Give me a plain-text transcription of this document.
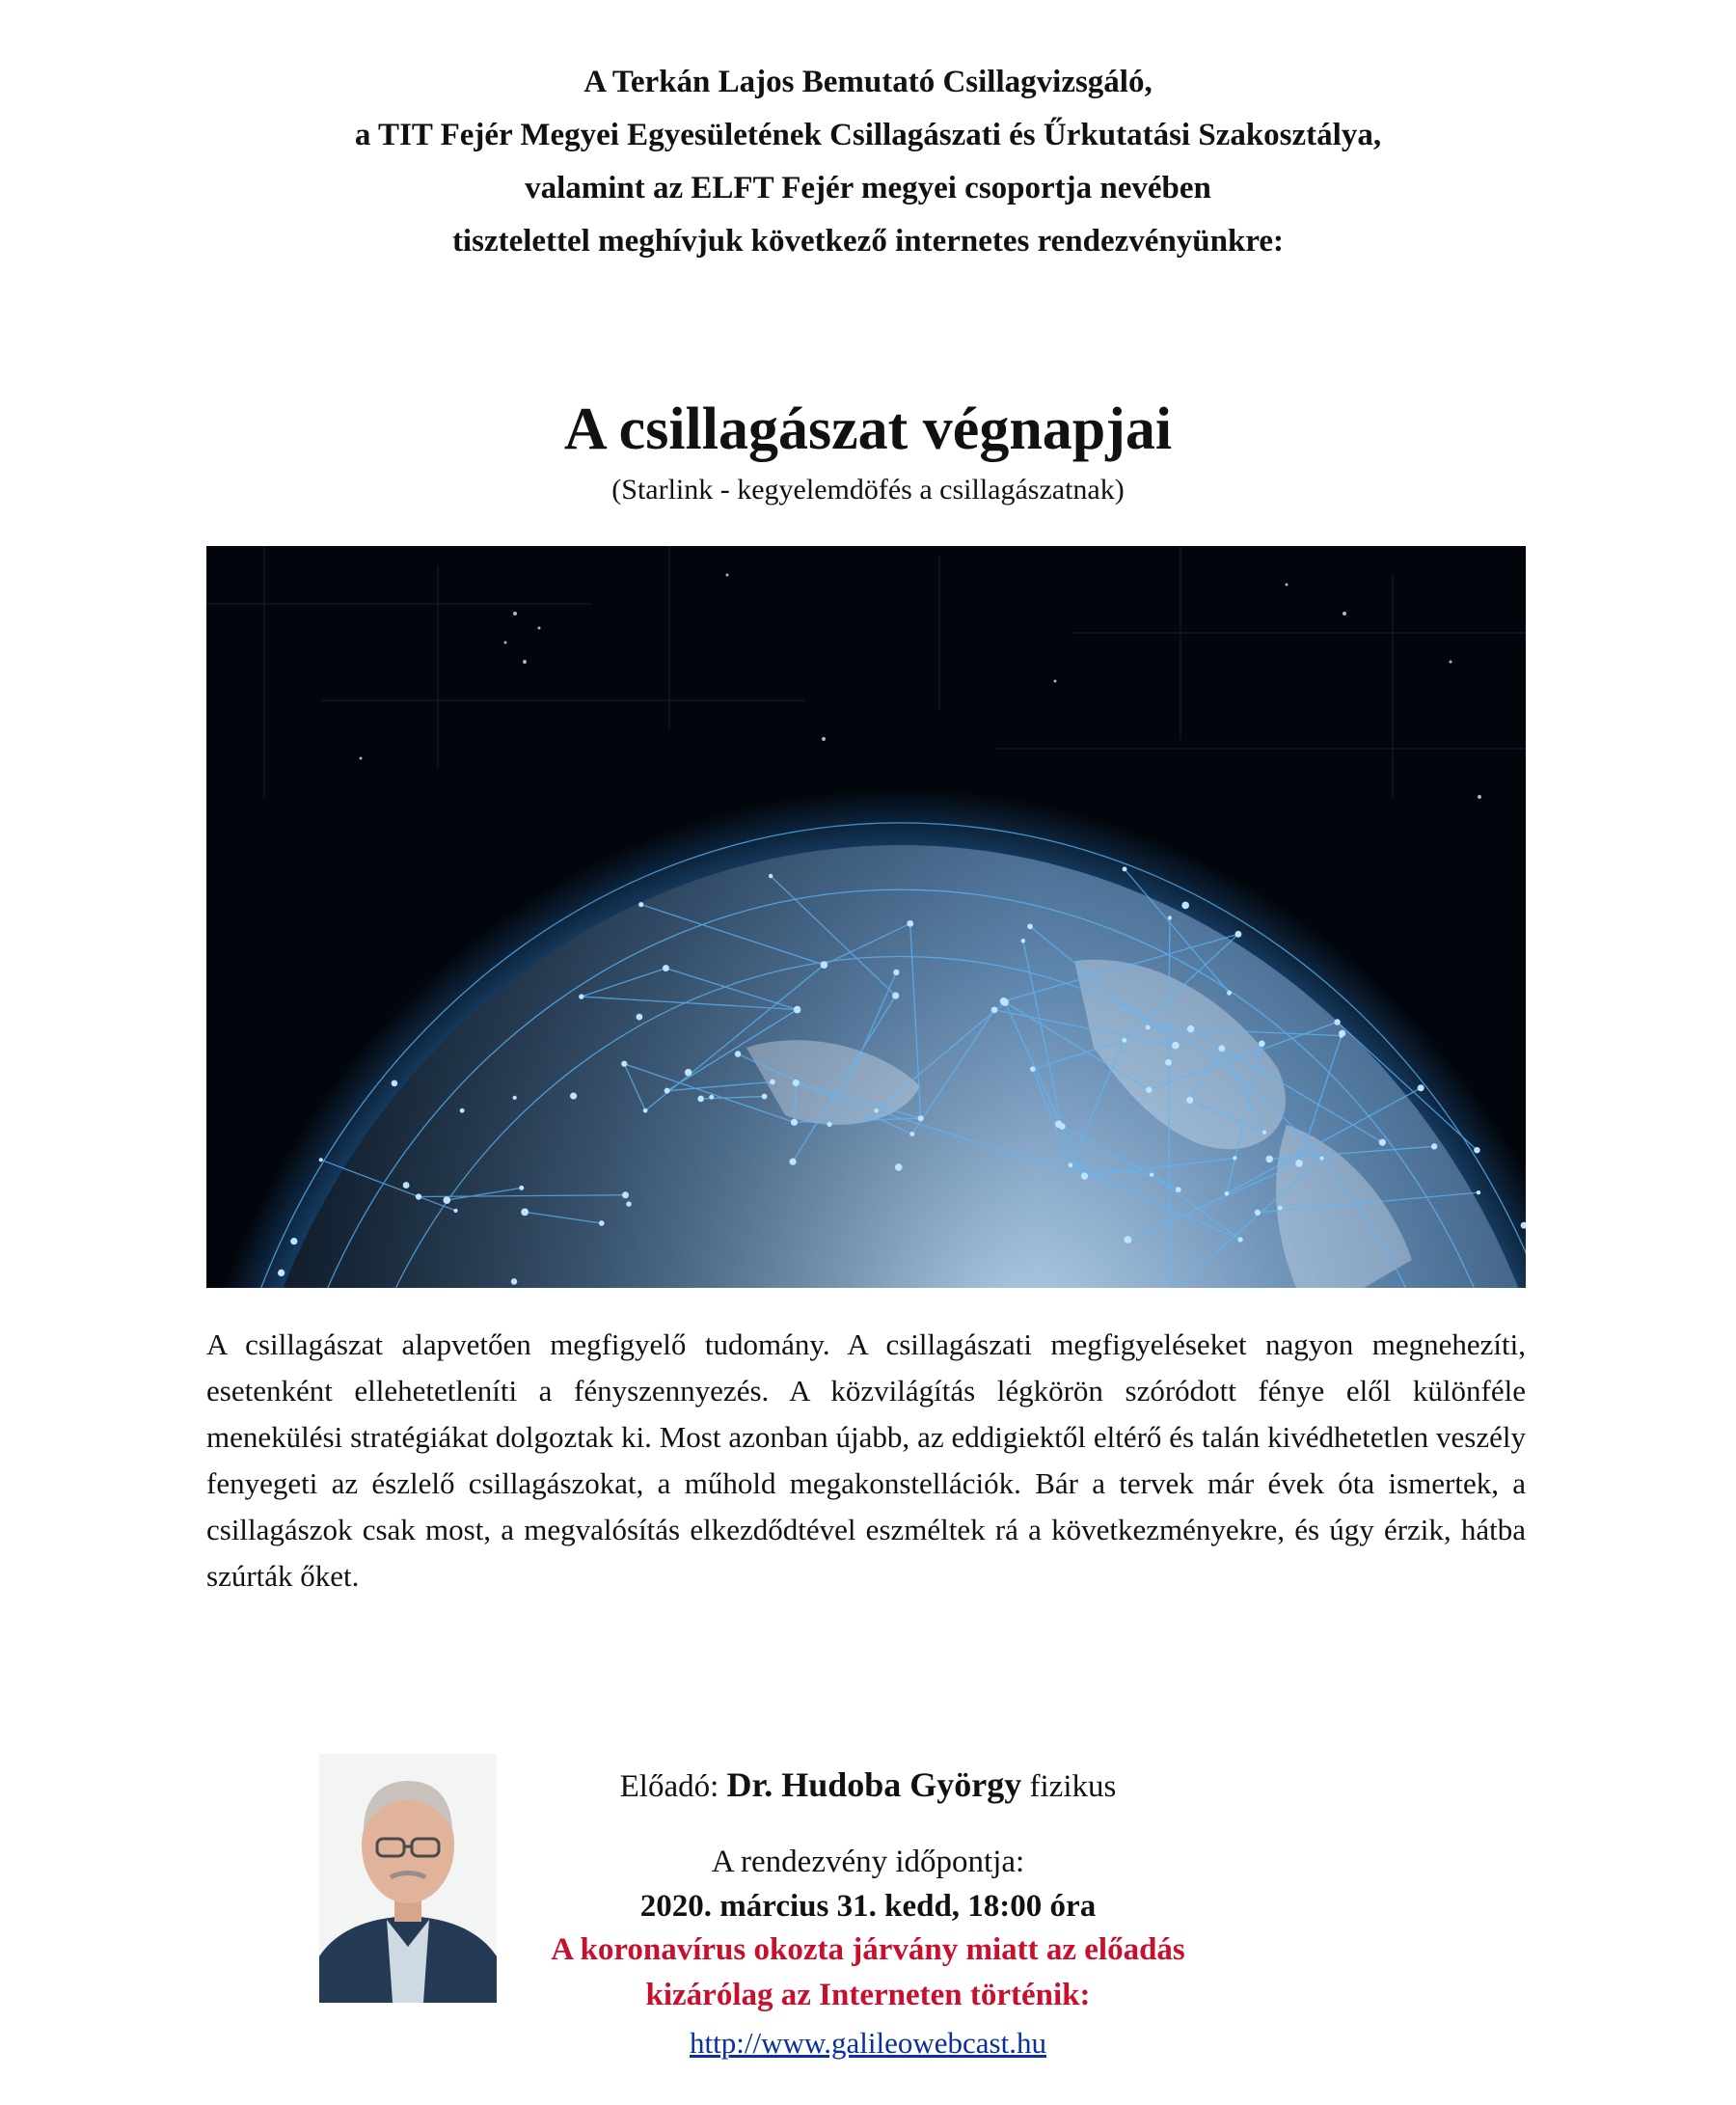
A Terkán Lajos Bemutató Csillagvizsgáló,
a TIT Fejér Megyei Egyesületének Csillagászati és Űrkutatási Szakosztálya,
valamint az ELFT Fejér megyei csoportja nevében
tisztelettel meghívjuk következő internetes rendezvényünkre:
A csillagászat végnapjai
(Starlink - kegyelemdöfés a csillagászatnak)
A csillagászat alapvetően megfigyelő tudomány. A csillagászati megfigyeléseket nagyon megnehezíti, esetenként ellehetetleníti a fényszennyezés. A közvilágítás légkörön szóródott fénye elől különféle menekülési stratégiákat dolgoztak ki. Most azonban újabb, az eddigiektől eltérő és talán kivédhetetlen veszély fenyegeti az észlelő csillagászokat, a műhold megakonstellációk. Bár a tervek már évek óta ismertek, a csillagászok csak most, a megvalósítás elkezdődtével eszméltek rá a következményekre, és úgy érzik, hátba szúrták őket.
Előadó: Dr. Hudoba György fizikus
A rendezvény időpontja:
2020. március 31. kedd, 18:00 óra
A koronavírus okozta járvány miatt az előadás
kizárólag az Interneten történik:
http://www.galileowebcast.hu
